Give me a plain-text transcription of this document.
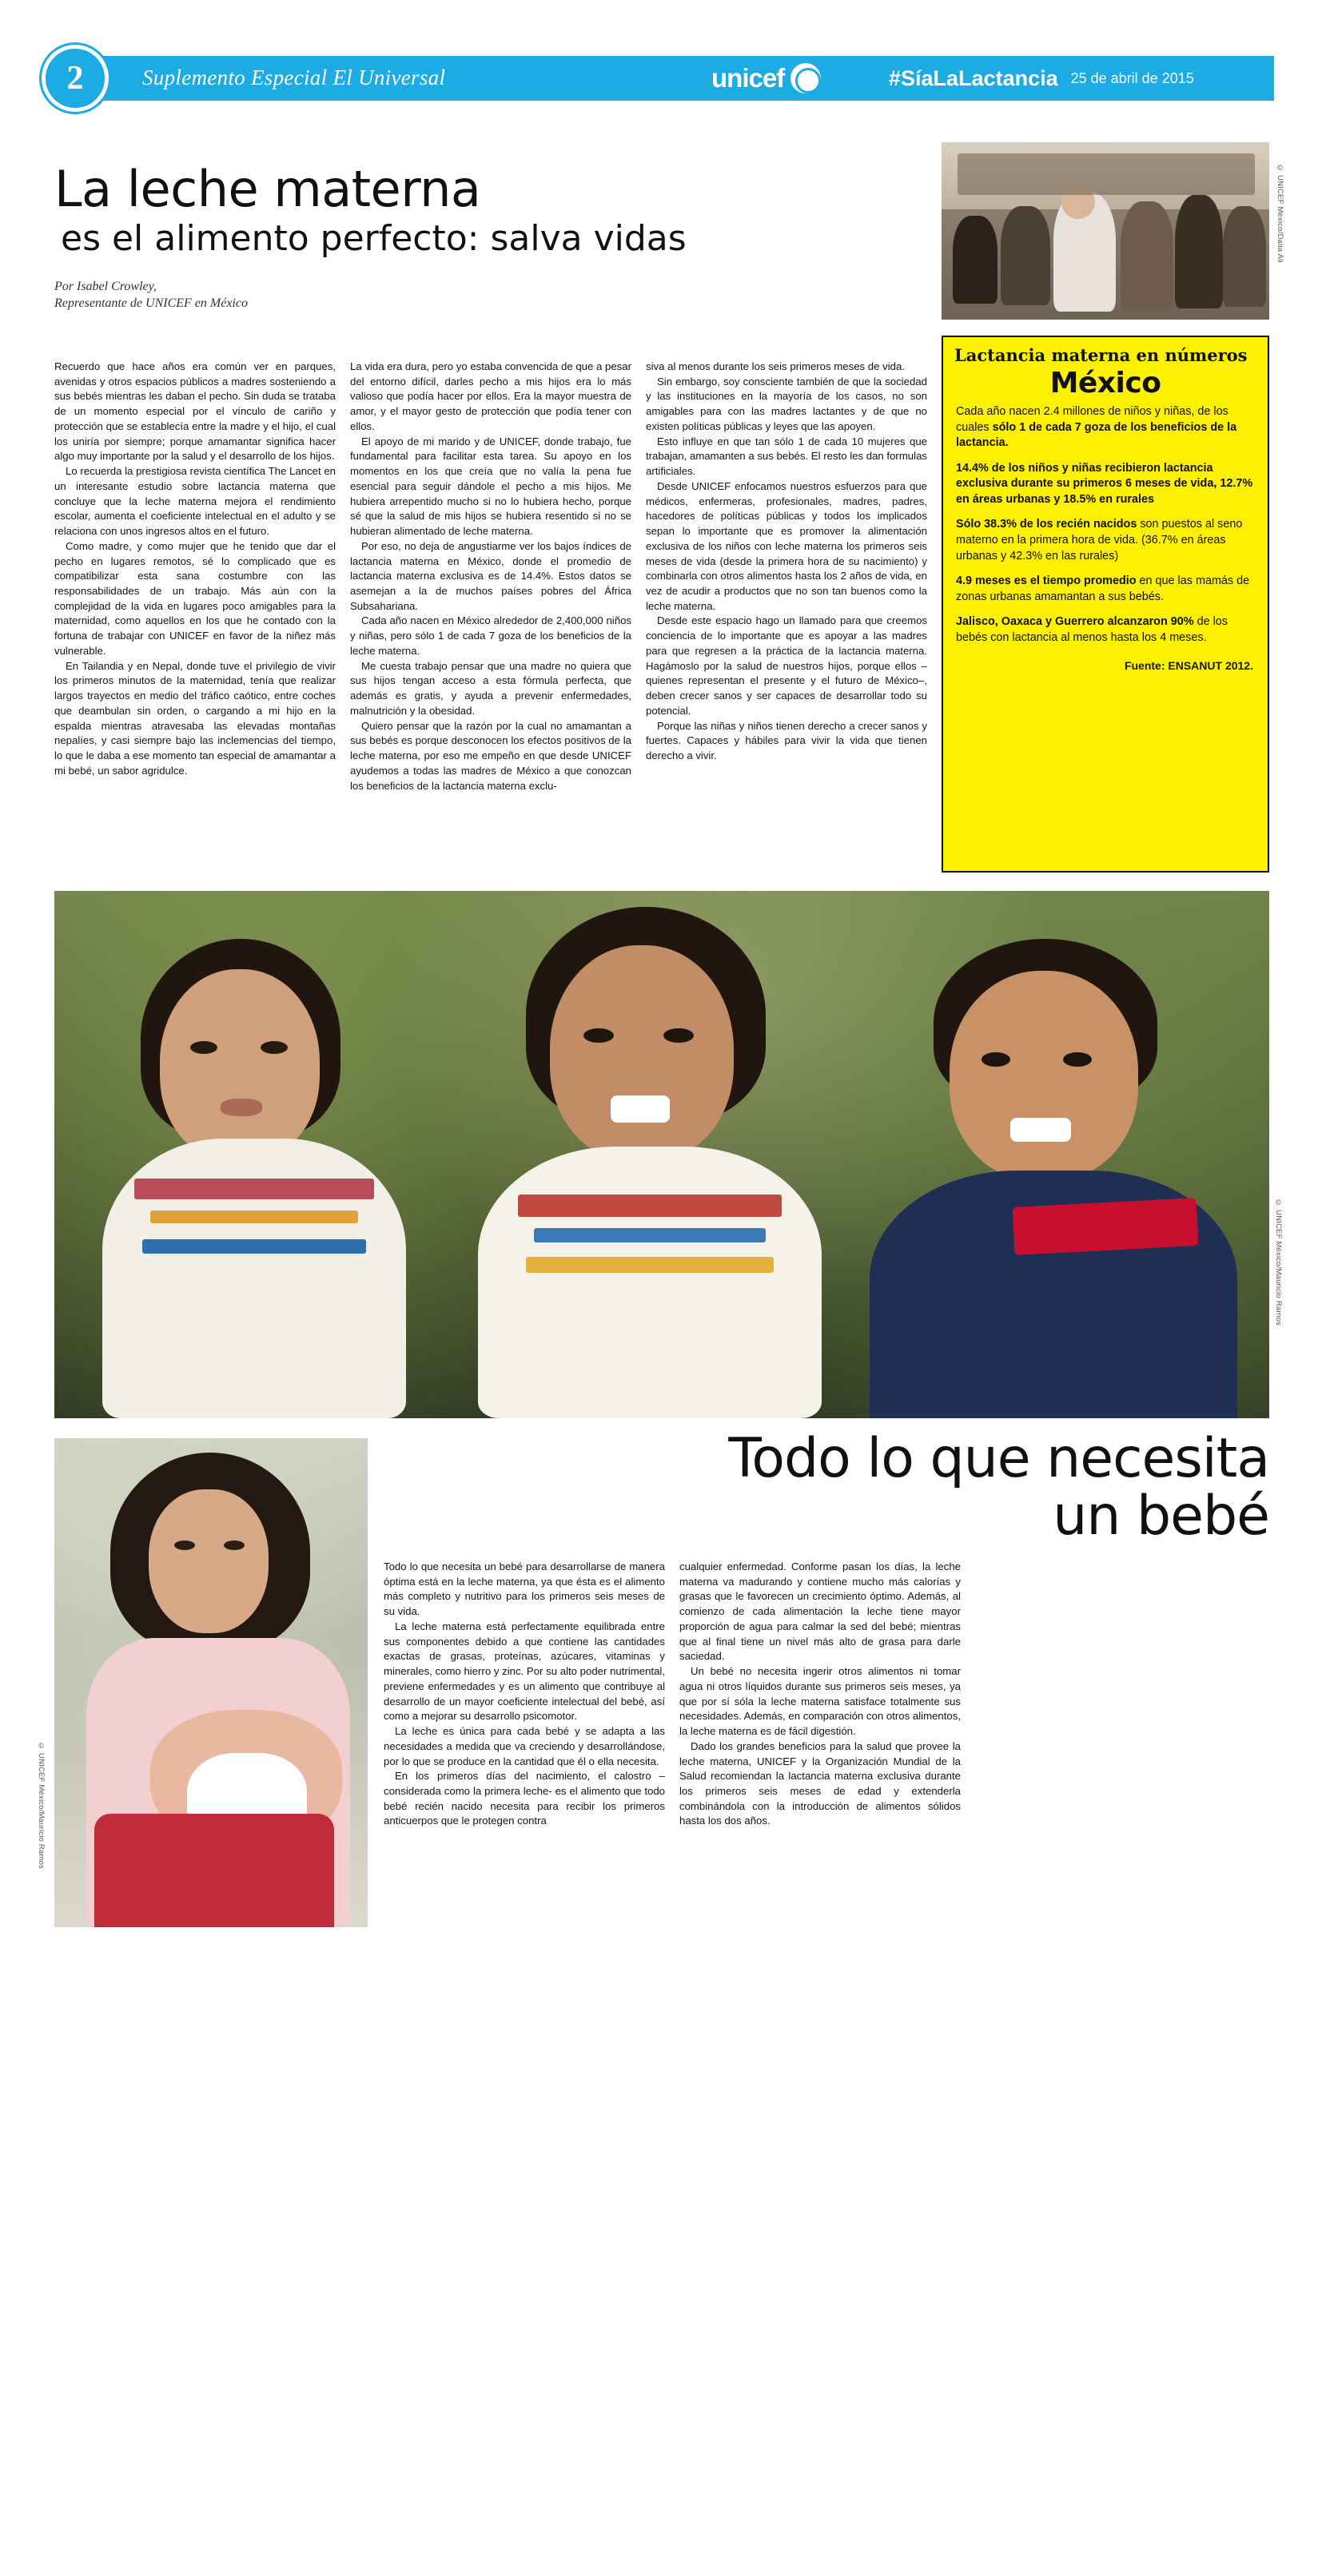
2	Suplemento Especial El Universal	unicef	#SíaLaLactancia 25 de abril de 2015
La leche materna
es el alimento perfecto: salva vidas
Por Isabel Crowley,
Representante de UNICEF en México

Recuerdo que hace años era común ver en parques, avenidas y otros espacios públicos a madres sosteniendo a sus bebés mientras les daban el pecho. Sin duda se trataba de un momento especial por el vínculo de cariño y protección que se establecía entre la madre y el hijo, el cual los uniría por siempre; porque amamantar significa hacer algo muy importante por la salud y el desarrollo de los hijos.

Lo recuerda la prestigiosa revista científica The Lancet en un interesante estudio sobre lactancia materna que concluye que la leche materna mejora el rendimiento escolar, aumenta el coeficiente intelectual en el adulto y se relaciona con unos ingresos altos en el futuro.

Como madre, y como mujer que he tenido que dar el pecho en lugares remotos, sé lo complicado que es compatibilizar esta sana costumbre con las responsabilidades de un trabajo. Más aún con la complejidad de la vida en lugares poco amigables para la maternidad, como aquellos en los que he contado con la fortuna de trabajar con UNICEF en favor de la niñez más vulnerable.

En Tailandia y en Nepal, donde tuve el privilegio de vivir los primeros minutos de la maternidad, tenía que realizar largos trayectos en medio del tráfico caótico, entre coches que deambulan sin orden, o cargando a mi hijo en la espalda mientras atravesaba las elevadas montañas nepalíes, y casi siempre bajo las inclemencias del tiempo, lo que le daba a ese momento tan especial de amamantar a mi bebé, un sabor agridulce.

La vida era dura, pero yo estaba convencida de que a pesar del entorno difícil, darles pecho a mis hijos era lo más valioso que podía hacer por ellos. Era la mayor muestra de amor, y el mayor gesto de protección que podía tener con ellos.

El apoyo de mi marido y de UNICEF, donde trabajo, fue fundamental para facilitar esta tarea. Su apoyo en los momentos en los que creía que no valía la pena fue esencial para seguir dándole el pecho a mis hijos. Me hubiera arrepentido mucho si no lo hubiera hecho, porque sé que la salud de mis hijos se hubiera resentido si no se hubieran alimentado de leche materna.

Por eso, no deja de angustiarme ver los bajos índices de lactancia materna en México, donde el promedio de lactancia materna exclusiva es de 14.4%. Estos datos se asemejan a la de muchos países pobres del África Subsahariana.

Cada año nacen en México alrededor de 2,400,000 niños y niñas, pero sólo 1 de cada 7 goza de los beneficios de la leche materna.

Me cuesta trabajo pensar que una madre no quiera que sus hijos tengan acceso a esta fórmula perfecta, que además es gratis, y ayuda a prevenir enfermedades, malnutrición y la obesidad.

Quiero pensar que la razón por la cual no amamantan a sus bebés es porque desconocen los efectos positivos de la leche materna, por eso me empeño en que desde UNICEF ayudemos a todas las madres de México a que conozcan los beneficios de la lactancia materna exclu-

siva al menos durante los seis primeros meses de vida.

Sin embargo, soy consciente también de que la sociedad y las instituciones en la mayoría de los casos, no son amigables para con las madres lactantes y de que no existen políticas públicas y leyes que las apoyen.

Esto influye en que tan sólo 1 de cada 10 mujeres que trabajan, amamanten a sus bebés. El resto les dan formulas artificiales.

Desde UNICEF enfocamos nuestros esfuerzos para que médicos, enfermeras, profesionales, madres, padres, hacedores de políticas públicas y todos los implicados sepan lo importante que es promover la alimentación exclusiva de los niños con leche materna los primeros seis meses de vida (desde la primera hora de su nacimiento) y combinarla con otros alimentos hasta los 2 años de vida, en vez de acudir a productos que no son tan buenos como la leche materna.

Desde este espacio hago un llamado para que creemos conciencia de lo importante que es apoyar a las madres para que regresen a la práctica de la lactancia materna. Hagámoslo por la salud de nuestros hijos, porque ellos –quienes representan el presente y el futuro de México–, deben crecer sanos y ser capaces de desarrollar todo su potencial.

Porque las niñas y niños tienen derecho a crecer sanos y fuertes. Capaces y hábiles para vivir la vida que tienen derecho a vivir.

© UNICEF México/Dalia Ali
Lactancia materna en números
México

Cada año nacen 2.4 millones de niños y niñas, de los cuales sólo 1 de cada 7 goza de los beneficios de la lactancia.

14.4% de los niños y niñas recibieron lactancia exclusiva durante su primeros 6 meses de vida, 12.7% en áreas urbanas y 18.5% en rurales

Sólo 38.3% de los recién nacidos son puestos al seno materno en la primera hora de vida. (36.7% en áreas urbanas y 42.3% en las rurales)

4.9 meses es el tiempo promedio en que las mamás de zonas urbanas amamantan a sus bebés.

Jalisco, Oaxaca y Guerrero alcanzaron 90% de los bebés con lactancia al menos hasta los 4 meses.

Fuente: ENSANUT 2012.
© UNICEF México/Mauricio Ramos
© UNICEF México/Mauricio Ramos
Todo lo que necesita
un bebé

Todo lo que necesita un bebé para desarrollarse de manera óptima está en la leche materna, ya que ésta es el alimento más completo y nutritivo para los primeros seis meses de su vida.

La leche materna está perfectamente equilibrada entre sus componentes debido a que contiene las cantidades exactas de grasas, proteínas, azúcares, vitaminas y minerales, como hierro y zinc. Por su alto poder nutrimental, previene enfermedades y es un alimento que contribuye al desarrollo de un mayor coeficiente intelectual del bebé, así como a mejorar su desarrollo psicomotor.

La leche es única para cada bebé y se adapta a las necesidades a medida que va creciendo y desarrollándose, por lo que se produce en la cantidad que él o ella necesita.

En los primeros días del nacimiento, el calostro – considerada como la primera leche- es el alimento que todo bebé recién nacido necesita para recibir los primeros anticuerpos que le protegen contra

cualquier enfermedad. Conforme pasan los días, la leche materna va madurando y contiene mucho más calorías y grasas que le favorecen un crecimiento óptimo. Además, al comienzo de cada alimentación la leche tiene mayor proporción de agua para calmar la sed del bebé; mientras que al final tiene un nivel más alto de grasa para darle saciedad.

Un bebé no necesita ingerir otros alimentos ni tomar agua ni otros líquidos durante sus primeros seis meses, ya que por sí sóla la leche materna satisface totalmente sus necesidades. Además, en comparación con otros alimentos, la leche materna es de fácil digestión.

Dado los grandes beneficios para la salud que provee la leche materna, UNICEF y la Organización Mundial de la Salud recomiendan la lactancia materna exclusiva durante los primeros seis meses de edad y extenderla combinándola con la introducción de alimentos sólidos hasta los dos años.
